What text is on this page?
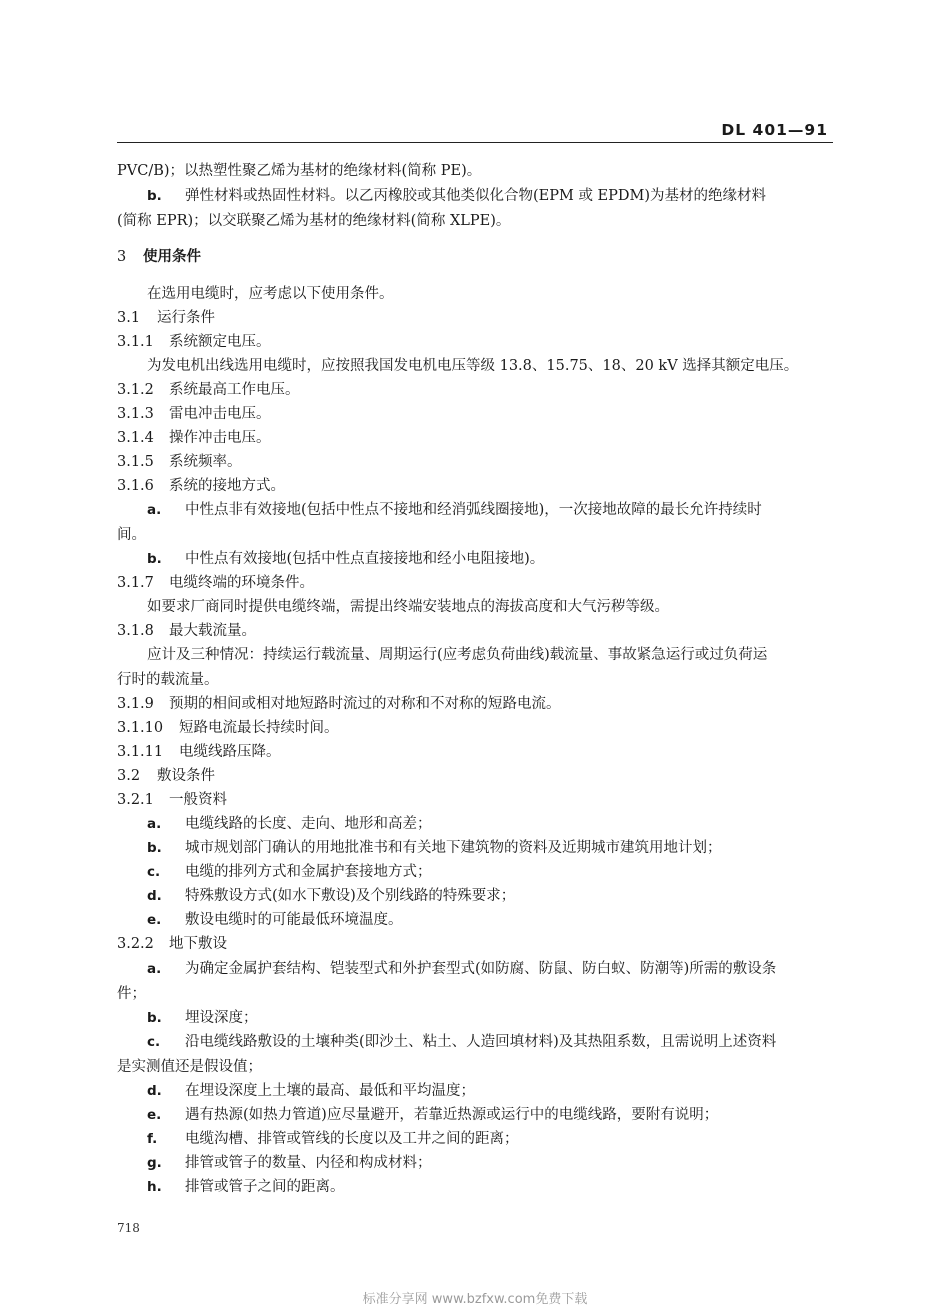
DL 401—91
PVC/B)；以热塑性聚乙烯为基材的绝缘材料(简称 PE)。
b. 弹性材料或热固性材料。以乙丙橡胶或其他类似化合物(EPM 或 EPDM)为基材的绝缘材料
(简称 EPR)；以交联聚乙烯为基材的绝缘材料(简称 XLPE)。
3 使用条件
在选用电缆时，应考虑以下使用条件。
3.1 运行条件
3.1.1 系统额定电压。
为发电机出线选用电缆时，应按照我国发电机电压等级 13.8、15.75、18、20 kV 选择其额定电压。
3.1.2 系统最高工作电压。
3.1.3 雷电冲击电压。
3.1.4 操作冲击电压。
3.1.5 系统频率。
3.1.6 系统的接地方式。
a. 中性点非有效接地(包括中性点不接地和经消弧线圈接地)，一次接地故障的最长允许持续时
间。
b. 中性点有效接地(包括中性点直接接地和经小电阻接地)。
3.1.7 电缆终端的环境条件。
如要求厂商同时提供电缆终端，需提出终端安装地点的海拔高度和大气污秽等级。
3.1.8 最大载流量。
应计及三种情况：持续运行载流量、周期运行(应考虑负荷曲线)载流量、事故紧急运行或过负荷运
行时的载流量。
3.1.9 预期的相间或相对地短路时流过的对称和不对称的短路电流。
3.1.10 短路电流最长持续时间。
3.1.11 电缆线路压降。
3.2 敷设条件
3.2.1 一般资料
a. 电缆线路的长度、走向、地形和高差；
b. 城市规划部门确认的用地批准书和有关地下建筑物的资料及近期城市建筑用地计划；
c. 电缆的排列方式和金属护套接地方式；
d. 特殊敷设方式(如水下敷设)及个别线路的特殊要求；
e. 敷设电缆时的可能最低环境温度。
3.2.2 地下敷设
a. 为确定金属护套结构、铠装型式和外护套型式(如防腐、防鼠、防白蚁、防潮等)所需的敷设条
件；
b. 埋设深度；
c. 沿电缆线路敷设的土壤种类(即沙土、粘土、人造回填材料)及其热阻系数，且需说明上述资料
是实测值还是假设值；
d. 在埋设深度上土壤的最高、最低和平均温度；
e. 遇有热源(如热力管道)应尽量避开，若靠近热源或运行中的电缆线路，要附有说明；
f. 电缆沟槽、排管或管线的长度以及工井之间的距离；
g. 排管或管子的数量、内径和构成材料；
h. 排管或管子之间的距离。
718
标准分享网 www.bzfxw.com免费下载
